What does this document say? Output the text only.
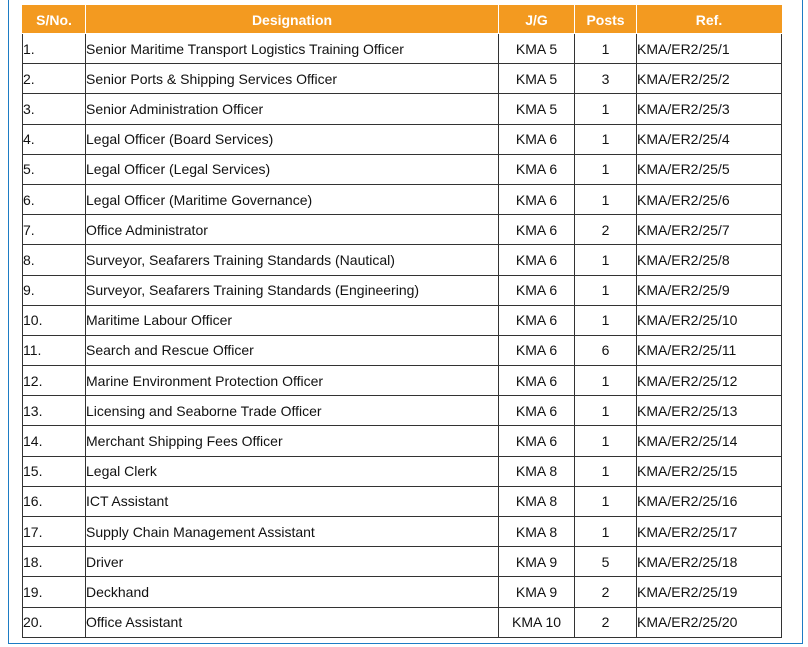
S/No.	Designation	J/G	Posts	Ref.
1.	Senior Maritime Transport Logistics Training Officer	KMA 5	1	KMA/ER2/25/1
2.	Senior Ports & Shipping Services Officer	KMA 5	3	KMA/ER2/25/2
3.	Senior Administration Officer	KMA 5	1	KMA/ER2/25/3
4.	Legal Officer (Board Services)	KMA 6	1	KMA/ER2/25/4
5.	Legal Officer (Legal Services)	KMA 6	1	KMA/ER2/25/5
6.	Legal Officer (Maritime Governance)	KMA 6	1	KMA/ER2/25/6
7.	Office Administrator	KMA 6	2	KMA/ER2/25/7
8.	Surveyor, Seafarers Training Standards (Nautical)	KMA 6	1	KMA/ER2/25/8
9.	Surveyor, Seafarers Training Standards (Engineering)	KMA 6	1	KMA/ER2/25/9
10.	Maritime Labour Officer	KMA 6	1	KMA/ER2/25/10
11.	Search and Rescue Officer	KMA 6	6	KMA/ER2/25/11
12.	Marine Environment Protection Officer	KMA 6	1	KMA/ER2/25/12
13.	Licensing and Seaborne Trade Officer	KMA 6	1	KMA/ER2/25/13
14.	Merchant Shipping Fees Officer	KMA 6	1	KMA/ER2/25/14
15.	Legal Clerk	KMA 8	1	KMA/ER2/25/15
16.	ICT Assistant	KMA 8	1	KMA/ER2/25/16
17.	Supply Chain Management Assistant	KMA 8	1	KMA/ER2/25/17
18.	Driver	KMA 9	5	KMA/ER2/25/18
19.	Deckhand	KMA 9	2	KMA/ER2/25/19
20.	Office Assistant	KMA 10	2	KMA/ER2/25/20
